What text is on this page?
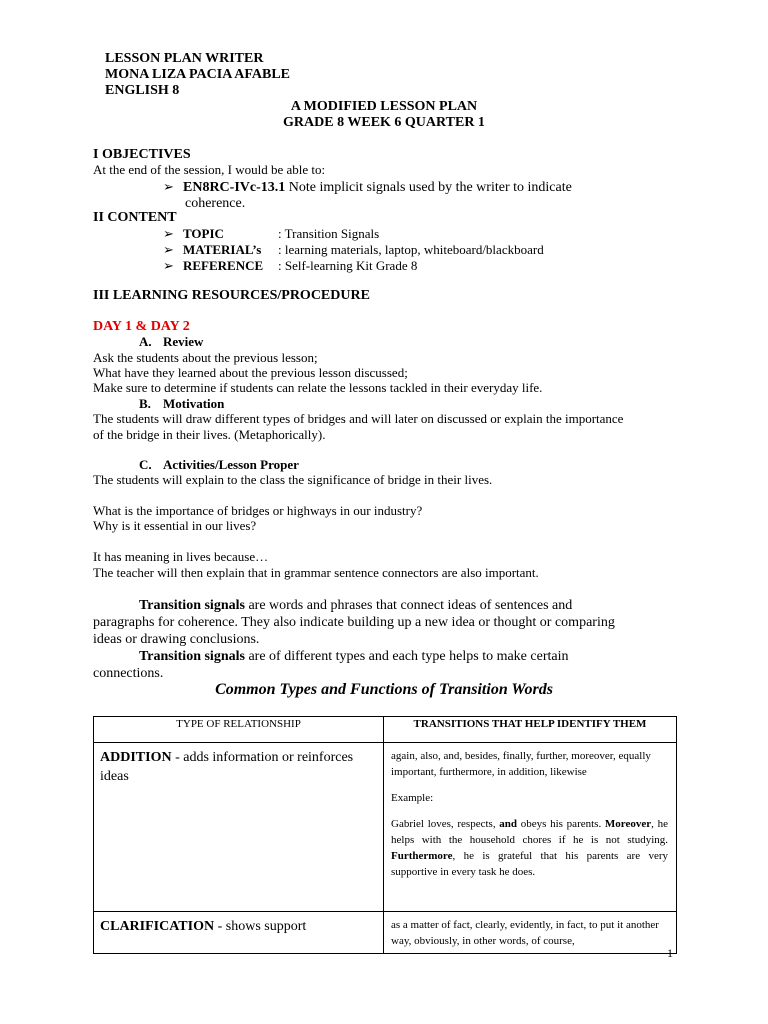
LESSON PLAN WRITER
MONA LIZA PACIA AFABLE
ENGLISH 8
A MODIFIED LESSON PLAN
GRADE 8 WEEK 6 QUARTER 1
I OBJECTIVES
At the end of the session, I would be able to:
➢ EN8RC-IVc-13.1 Note implicit signals used by the writer to indicate
coherence.
II CONTENT
➢ TOPIC	: Transition Signals
➢ MATERIAL’s : learning materials, laptop, whiteboard/blackboard
➢ REFERENCE : Self-learning Kit Grade 8
III LEARNING RESOURCES/PROCEDURE
DAY 1 & DAY 2
A. Review
Ask the students about the previous lesson;
What have they learned about the previous lesson discussed;
Make sure to determine if students can relate the lessons tackled in their everyday life.
B. Motivation
The students will draw different types of bridges and will later on discussed or explain the importance
of the bridge in their lives. (Metaphorically).
C. Activities/Lesson Proper
The students will explain to the class the significance of bridge in their lives.
What is the importance of bridges or highways in our industry?
Why is it essential in our lives?
It has meaning in lives because…
The teacher will then explain that in grammar sentence connectors are also important.
Transition signals are words and phrases that connect ideas of sentences and
paragraphs for coherence. They also indicate building up a new idea or thought or comparing
ideas or drawing conclusions.
Transition signals are of different types and each type helps to make certain
connections.
Common Types and Functions of Transition Words
TYPE OF RELATIONSHIP	TRANSITIONS THAT HELP IDENTIFY THEM
ADDITION - adds information or reinforces ideas	again, also, and, besides, finally, further, moreover, equally important, furthermore, in addition, likewise
Example:
Gabriel loves, respects, and obeys his parents. Moreover, he helps with the household chores if he is not studying. Furthermore, he is grateful that his parents are very supportive in every task he does.

CLARIFICATION - shows support	as a matter of fact, clearly, evidently, in fact, to put it another way, obviously, in other words, of course,
1
